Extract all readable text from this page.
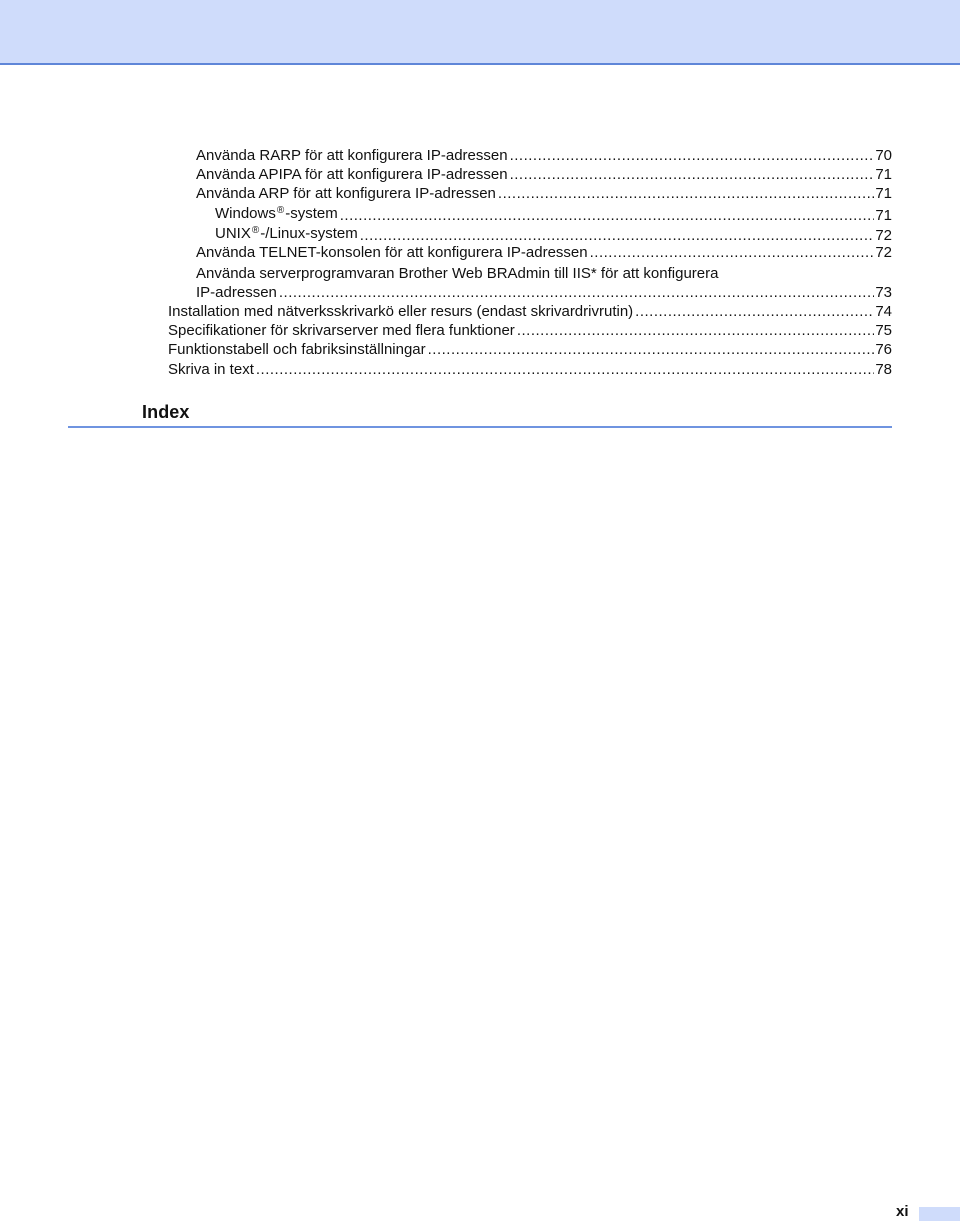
Använda RARP för att konfigurera IP-adressen .....	70
Använda APIPA för att konfigurera IP-adressen .....	71
Använda ARP för att konfigurera IP-adressen .....	71
Windows®-system .....	71
UNIX®-/Linux-system .....	72
Använda TELNET-konsolen för att konfigurera IP-adressen .....	72
Använda serverprogramvaran Brother Web BRAdmin till IIS* för att konfigurera
IP-adressen .....	73
Installation med nätverksskrivarkö eller resurs (endast skrivardrivrutin) .....	74
Specifikationer för skrivarserver med flera funktioner .....	75
Funktionstabell och fabriksinställningar .....	76
Skriva in text .....	78
Index
xi
